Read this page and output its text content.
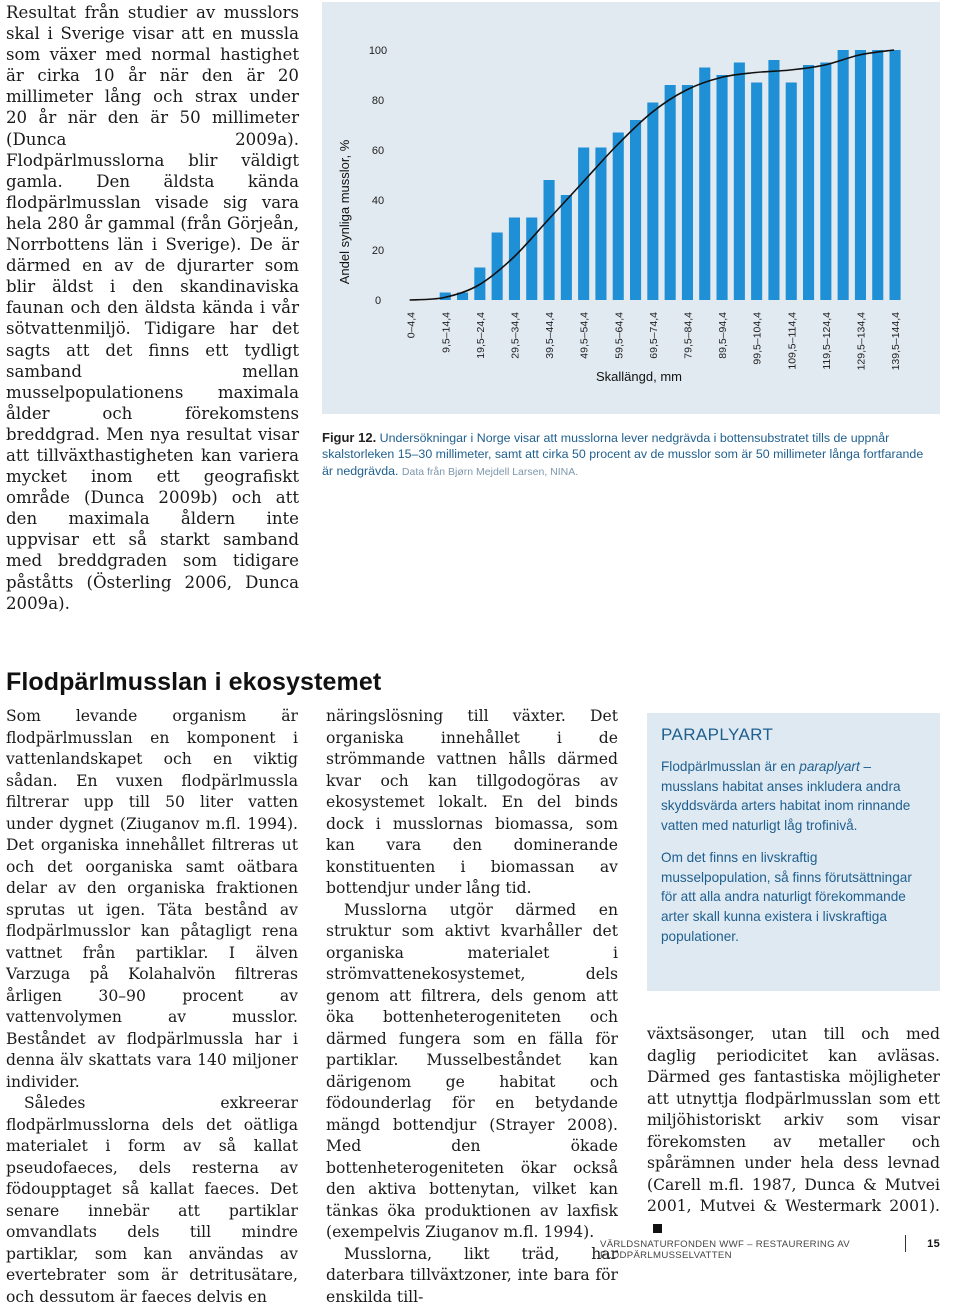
Resultat från studier av musslors skal i Sverige visar att en mussla som växer med normal hastighet är cirka 10 år när den är 20 millimeter lång och strax under 20 år när den är 50 millimeter (Dunca 2009a). Flodpärlmusslorna blir väldigt gamla. Den äldsta kända flodpärlmusslan visade sig vara hela 280 år gammal (från Görjeån, Norrbottens län i Sverige). De är därmed en av de djurarter som blir äldst i den skandinaviska faunan och den äldsta kända i vår sötvattenmiljö. Tidigare har det sagts att det finns ett tydligt samband mellan musselpopulationens maximala ålder och förekomstens breddgrad. Men nya resultat visar att tillväxthastigheten kan variera mycket inom ett geografiskt område (Dunca 2009b) och att den maximala åldern inte uppvisar ett så starkt samband med breddgraden som tidigare påståtts (Österling 2006, Dunca 2009a).

Andel synliga musslor, %
0
20
40
60
80
100
0–4,4 9,5–14,4 19,5–24,4 29,5–34,4 39,5–44,4 49,5–54,4 59,5–64,4 69,5–74,4 79,5–84,4 89,5–94,4 99,5–104,4 109,5–114,4 119,5–124,4 129,5–134,4 139,5–144,4
Skallängd, mm
Figur 12. Undersökningar i Norge visar att musslorna lever nedgrävda i bottensubstratet tills de uppnår skalstorleken 15–30 millimeter, samt att cirka 50 procent av de musslor som är 50 millimeter långa fortfarande är nedgrävda. Data från Bjørn Mejdell Larsen, NINA.
Flodpärlmusslan i ekosystemet

Som levande organism är flodpärlmusslan en komponent i vattenlandskapet och en viktig sådan. En vuxen flodpärlmussla filtrerar upp till 50 liter vatten under dygnet (Ziuganov m.fl. 1994). Det organiska innehållet filtreras ut och det oorganiska samt oätbara delar av den organiska fraktionen sprutas ut igen. Täta bestånd av flodpärlmusslor kan påtagligt rena vattnet från partiklar. I älven Varzuga på Kolahalvön filtreras årligen 30–90 procent av vattenvolymen av musslor. Beståndet av flodpärlmussla har i denna älv skattats vara 140 miljoner individer.

Således exkreerar flodpärlmusslorna dels det oätliga materialet i form av så kallat pseudofaeces, dels resterna av födoupptaget så kallat faeces. Det senare innebär att partiklar omvandlats dels till mindre partiklar, som kan användas av evertebrater som är detritusätare, och dessutom är faeces delvis en

näringslösning till växter. Det organiska innehållet i de strömmande vattnen hålls därmed kvar och kan tillgodogöras av ekosystemet lokalt. En del binds dock i musslornas biomassa, som kan vara den dominerande konstituenten i biomassan av bottendjur under lång tid.

Musslorna utgör därmed en struktur som aktivt kvarhåller det organiska materialet i strömvattenekosystemet, dels genom att filtrera, dels genom att öka bottenheterogeniteten och därmed fungera som en fälla för partiklar. Musselbeståndet kan därigenom ge habitat och födounderlag för en betydande mängd bottendjur (Strayer 2008). Med den ökade bottenheterogeniteten ökar också den aktiva bottenytan, vilket kan tänkas öka produktionen av laxfisk (exempelvis Ziuganov m.fl. 1994).

Musslorna, likt träd, har daterbara tillväxtzoner, inte bara för enskilda till-

PARAPLYART

Flodpärlmusslan är en paraplyart – musslans habitat anses inkludera andra skyddsvärda arters habitat inom rinnande vatten med naturligt låg trofinivå.

Om det finns en livskraftig musselpopulation, så finns förutsättningar för att alla andra naturligt förekommande arter skall kunna existera i livskraftiga populationer.

växtsäsonger, utan till och med daglig periodicitet kan avläsas. Därmed ges fantastiska möjligheter att utnyttja flodpärlmusslan som ett miljöhistoriskt arkiv som visar förekomsten av metaller och spårämnen under hela dess levnad (Carell m.fl. 1987, Dunca & Mutvei 2001, Mutvei & Westermark 2001).

VÄRLDSNATURFONDEN WWF – RESTAURERING AV FLODPÄRLMUSSELVATTEN
15
